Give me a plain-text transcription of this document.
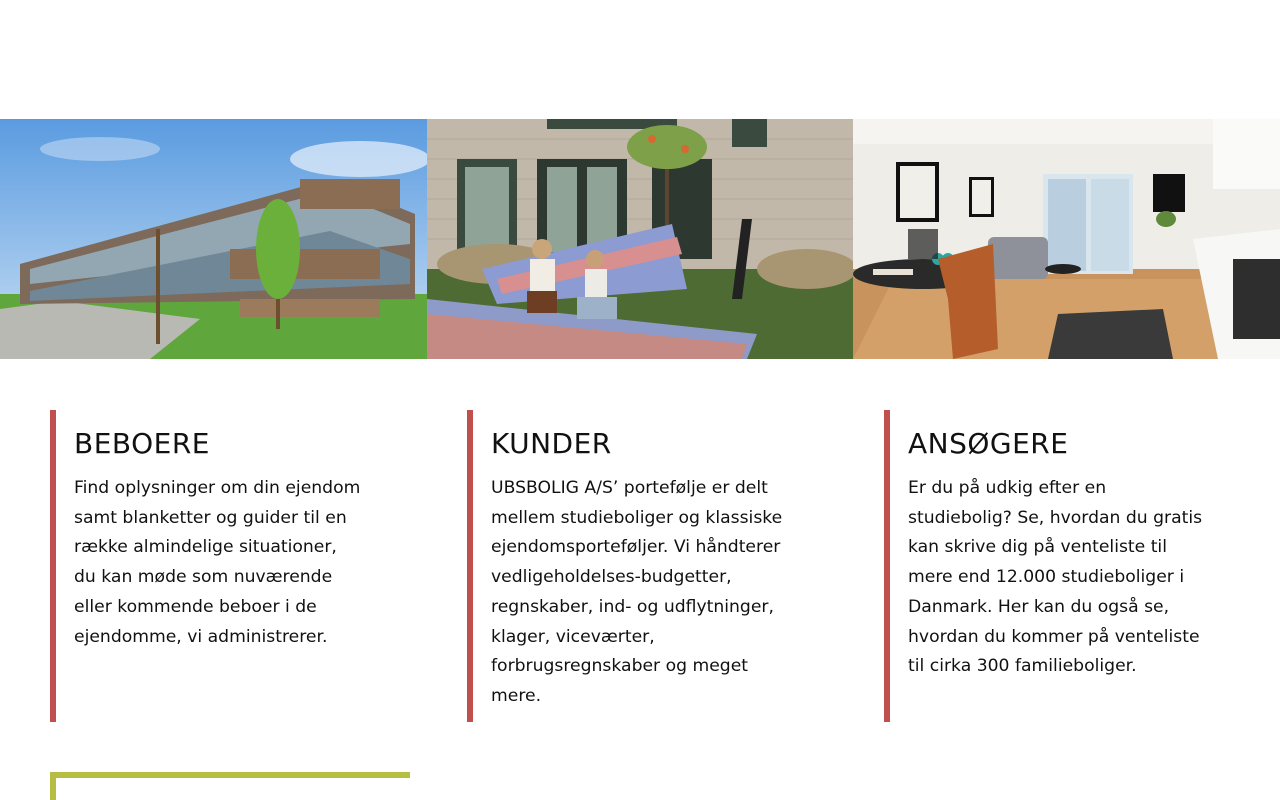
BEBOERE

Find oplysninger om din ejendom samt blanketter og guider til en række almindelige situationer, du kan møde som nuværende eller kommende beboer i de ejendomme, vi administrerer.

KUNDER

UBSBOLIG A/S’ portefølje er delt mellem studieboliger og klassiske ejendomsporteføljer. Vi håndterer vedligeholdelses-budgetter, regnskaber, ind- og udflytninger, klager, viceværter, forbrugsregnskaber og meget mere.

ANSØGERE

Er du på udkig efter en studiebolig? Se, hvordan du gratis kan skrive dig på venteliste til mere end 12.000 studieboliger i Danmark. Her kan du også se, hvordan du kommer på venteliste til cirka 300 familieboliger.
